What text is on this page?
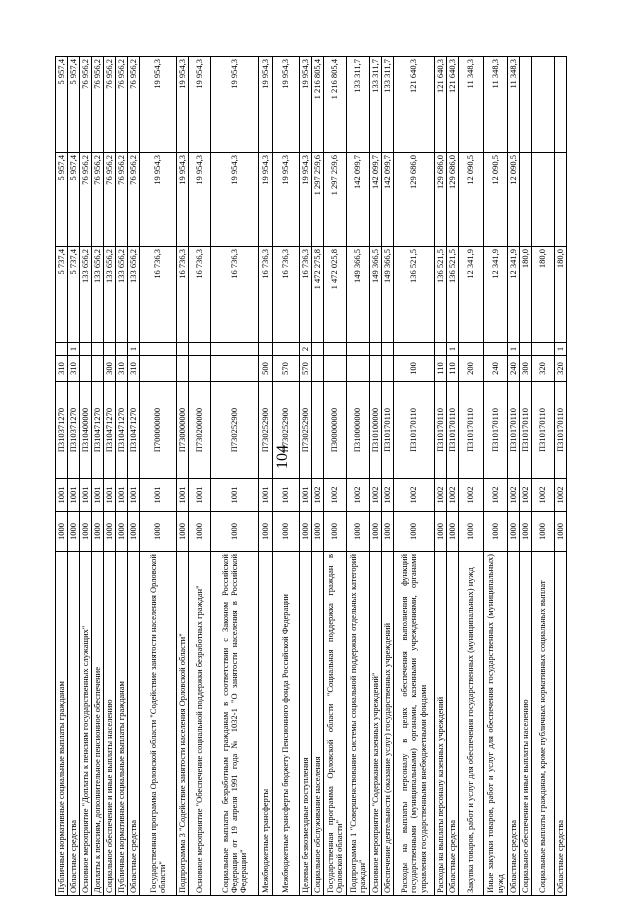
104
Публичные нормативные социальные выплаты гражданам	1000	1001	П310371270	310		5 737,4	5 957,4	5 957,4
Областные средства	1000	1001	П310371270	310	1	5 737,4	5 957,4	5 957,4
Основное мероприятие "Доплаты к пенсиям государственных служащих"	1000	1001	П310400000			133 656,2	76 956,2	76 956,2
Доплаты к пенсиям, дополнительное пенсионное обеспечение	1000	1001	П310471270			133 656,2	76 956,2	76 956,2
Социальное обеспечение и иные выплаты населению	1000	1001	П310471270	300		133 656,2	76 956,2	76 956,2
Публичные нормативные социальные выплаты гражданам	1000	1001	П310471270	310		133 656,2	76 956,2	76 956,2
Областные средства	1000	1001	П310471270	310	1	133 656,2	76 956,2	76 956,2
Государственная программа Орловской области "Содействие занятости населения Орловской области"	1000	1001	П700000000			16 736,3	19 954,3	19 954,3
Подпрограмма 3 "Содействие занятости населения Орловской области"	1000	1001	П730000000			16 736,3	19 954,3	19 954,3
Основное мероприятие "Обеспечение социальной поддержки безработных граждан"	1000	1001	П730200000			16 736,3	19 954,3	19 954,3
Социальные выплаты безработным гражданам в соответствии с Законом Российской Федерации от 19 апреля 1991 года № 1032-1 "О занятости населения в Российской Федерации"	1000	1001	П730252900			16 736,3	19 954,3	19 954,3
Межбюджетные трансферты	1000	1001	П730252900	500		16 736,3	19 954,3	19 954,3
Межбюджетные трансферты бюджету Пенсионного фонда Российской Федерации	1000	1001	П730252900	570		16 736,3	19 954,3	19 954,3
Целевые безвозмездные поступления	1000	1001	П730252900	570	2	16 736,3	19 954,3	19 954,3
Социальное обслуживание населения	1000	1002				1 472 275,8	1 297 259,6	1 216 805,4
Государственная программа Орловской области "Социальная поддержка граждан в Орловской области"	1000	1002	П300000000			1 472 025,8	1 297 259,6	1 216 805,4
Подпрограмма 1 "Совершенствование системы социальной поддержки отдельных категорий граждан"	1000	1002	П310000000			149 366,5	142 099,7	133 311,7
Основное мероприятие "Содержание казенных учреждений"	1000	1002	П310100000			149 366,5	142 099,7	133 311,7
Обеспечение деятельности (оказание услуг) государственных учреждений	1000	1002	П310170110			149 366,5	142 099,7	133 311,7
Расходы на выплаты персоналу в целях обеспечения выполнения функций государственными (муниципальными) органами, казенными учреждениями, органами управления государственными внебюджетными фондами	1000	1002	П310170110	100		136 521,5	129 686,0	121 640,3
Расходы на выплаты персоналу казенных учреждений	1000	1002	П310170110	110		136 521,5	129 686,0	121 640,3
Областные средства	1000	1002	П310170110	110	1	136 521,5	129 686,0	121 640,3
Закупка товаров, работ и услуг для обеспечения государственных (муниципальных) нужд	1000	1002	П310170110	200		12 341,9	12 090,5	11 348,3
Иные закупки товаров, работ и услуг для обеспечения государственных (муниципальных) нужд	1000	1002	П310170110	240		12 341,9	12 090,5	11 348,3
Областные средства	1000	1002	П310170110	240	1	12 341,9	12 090,5	11 348,3
Социальное обеспечение и иные выплаты населению	1000	1002	П310170110	300		180,0		
Социальные выплаты гражданам, кроме публичных нормативных социальных выплат	1000	1002	П310170110	320		180,0		
Областные средства	1000	1002	П310170110	320	1	180,0		
